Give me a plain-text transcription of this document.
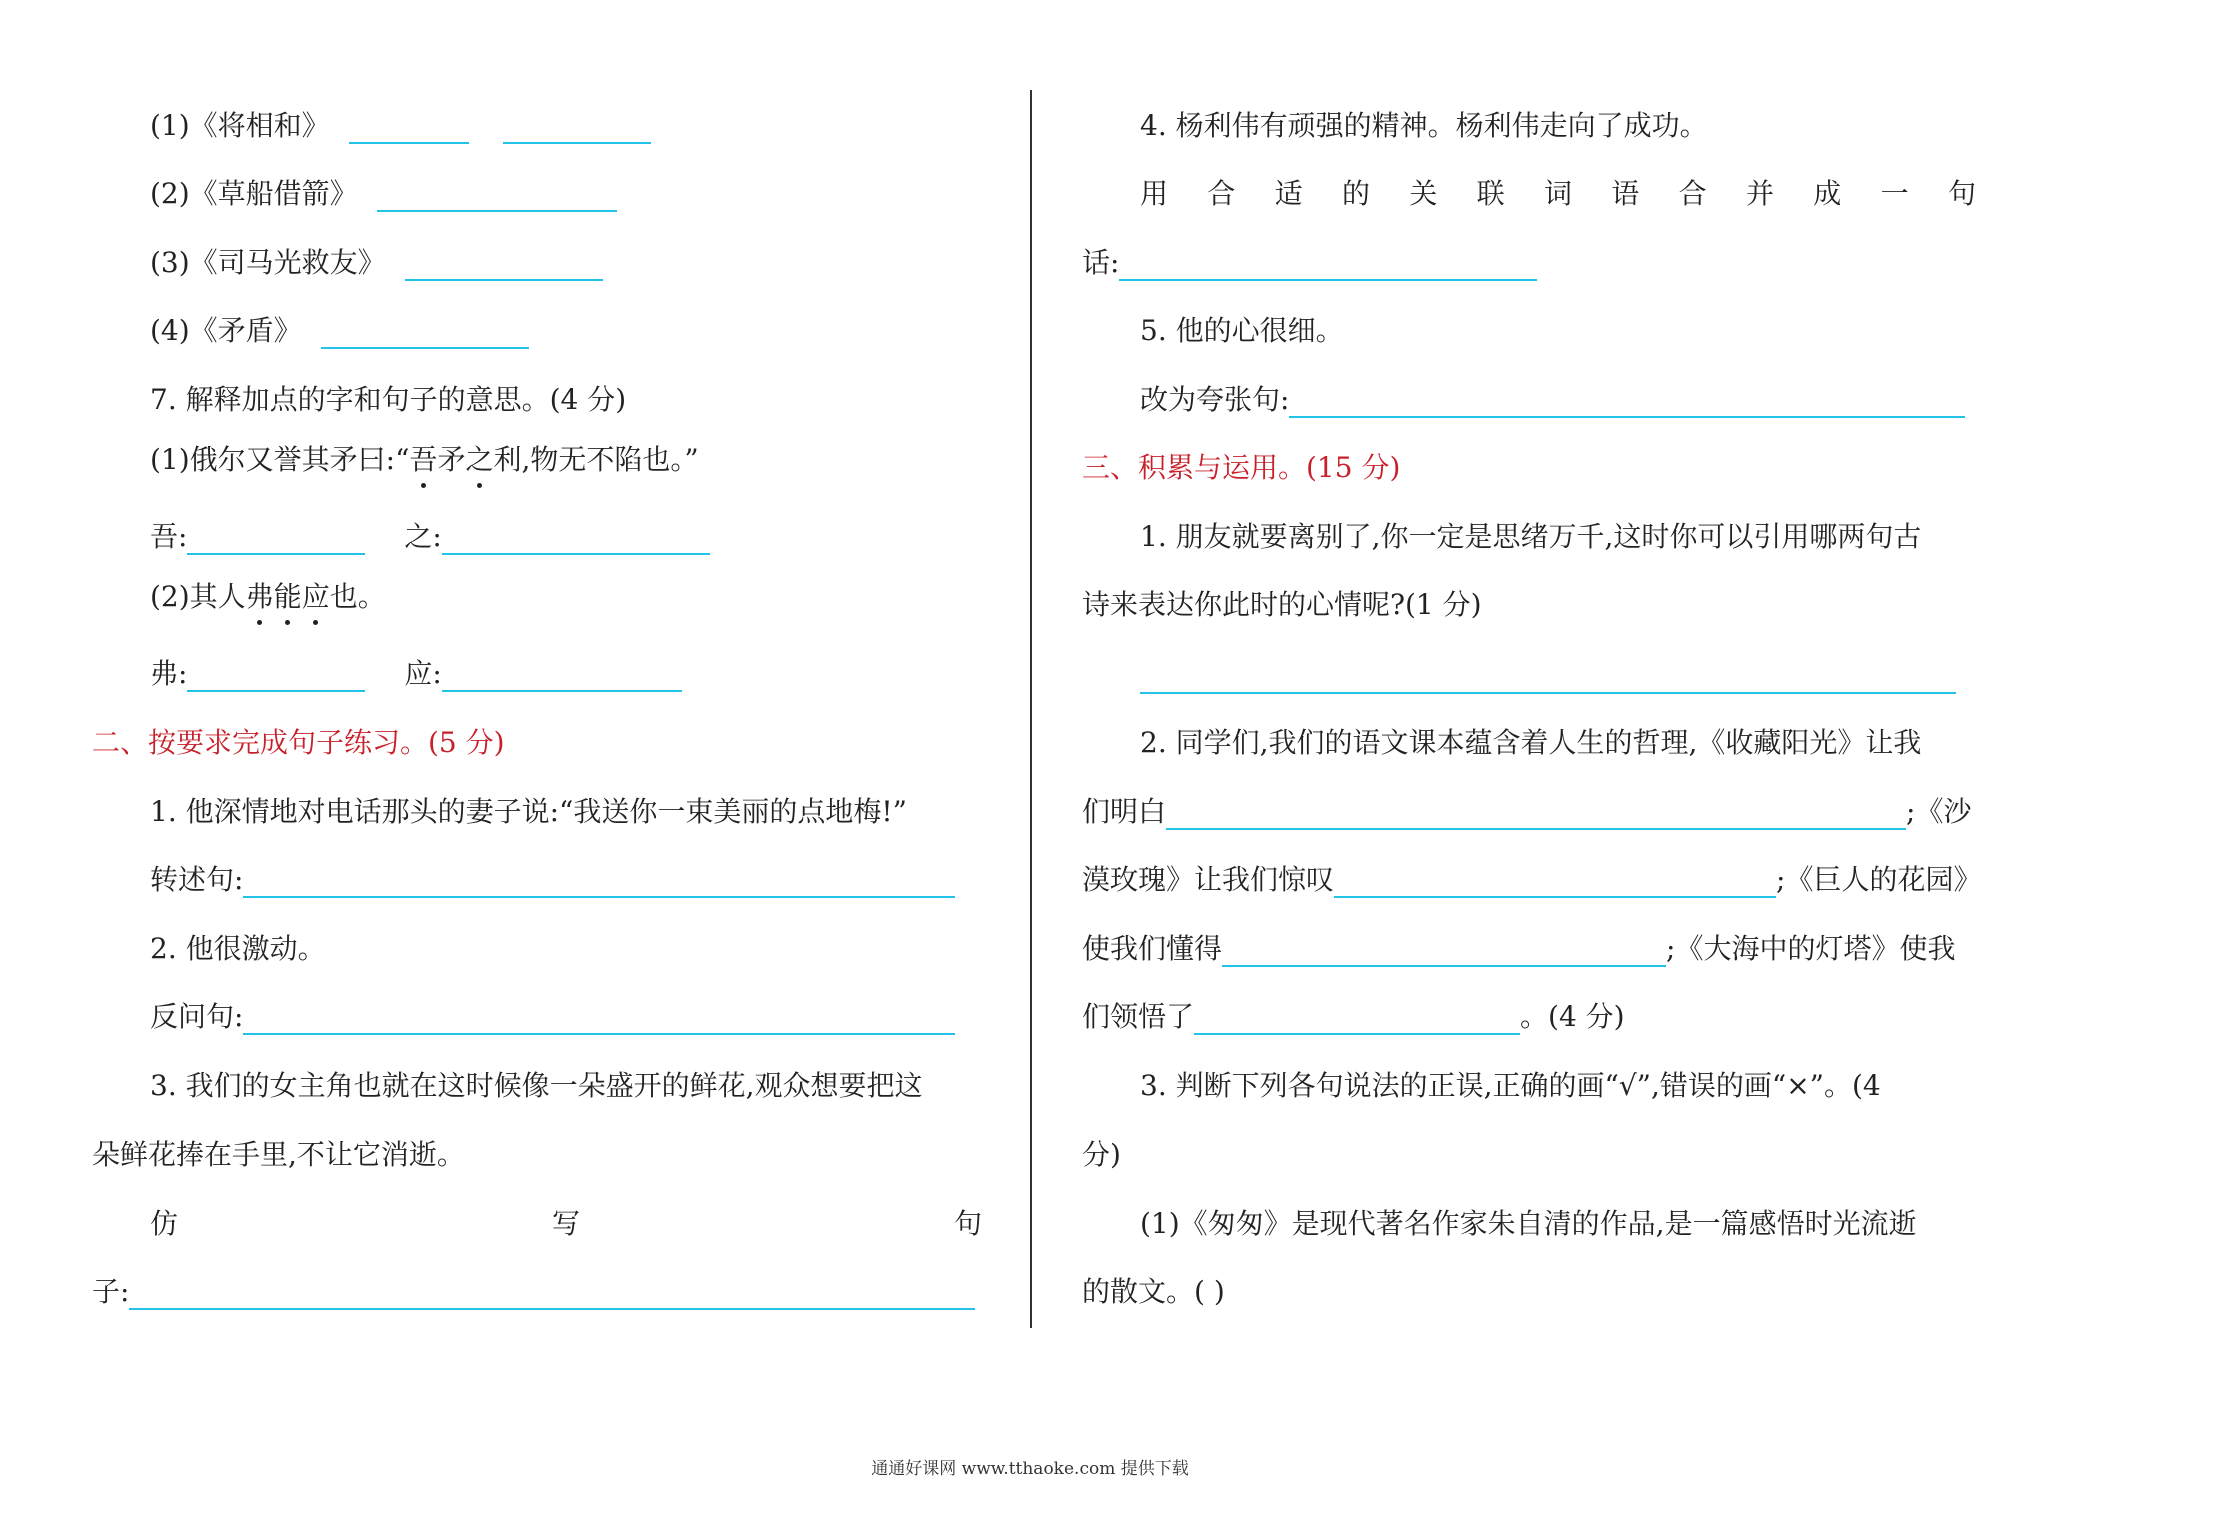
(1)《将相和》
(2)《草船借箭》
(3)《司马光救友》
(4)《矛盾》
7. 解释加点的字和句子的意思。(4 分)
(1)俄尔又誉其矛曰:“吾矛之利,物无不陷也。”
吾:	之:
(2)其人弗能应也。
弗:	应:
二、按要求完成句子练习。(5 分)
1. 他深情地对电话那头的妻子说:“我送你一束美丽的点地梅!”
转述句:
2. 他很激动。
反问句:
3. 我们的女主角也就在这时候像一朵盛开的鲜花,观众想要把这
朵鲜花捧在手里,不让它消逝。
仿	写	句
子:
4. 杨利伟有顽强的精神。杨利伟走向了成功。
用 合 适 的 关 联 词 语 合 并 成 一 句
话:
5. 他的心很细。
改为夸张句:
三、积累与运用。(15 分)
1. 朋友就要离别了,你一定是思绪万千,这时你可以引用哪两句古
诗来表达你此时的心情呢?(1 分)
2. 同学们,我们的语文课本蕴含着人生的哲理,《收藏阳光》让我
们明白	;《沙
漠玫瑰》让我们惊叹	;《巨人的花园》
使我们懂得	;《大海中的灯塔》使我
们领悟了	。(4 分)
3. 判断下列各句说法的正误,正确的画“√”,错误的画“×”。(4
分)
(1)《匆匆》是现代著名作家朱自清的作品,是一篇感悟时光流逝
的散文。( )
通通好课网 www.tthaoke.com 提供下载
